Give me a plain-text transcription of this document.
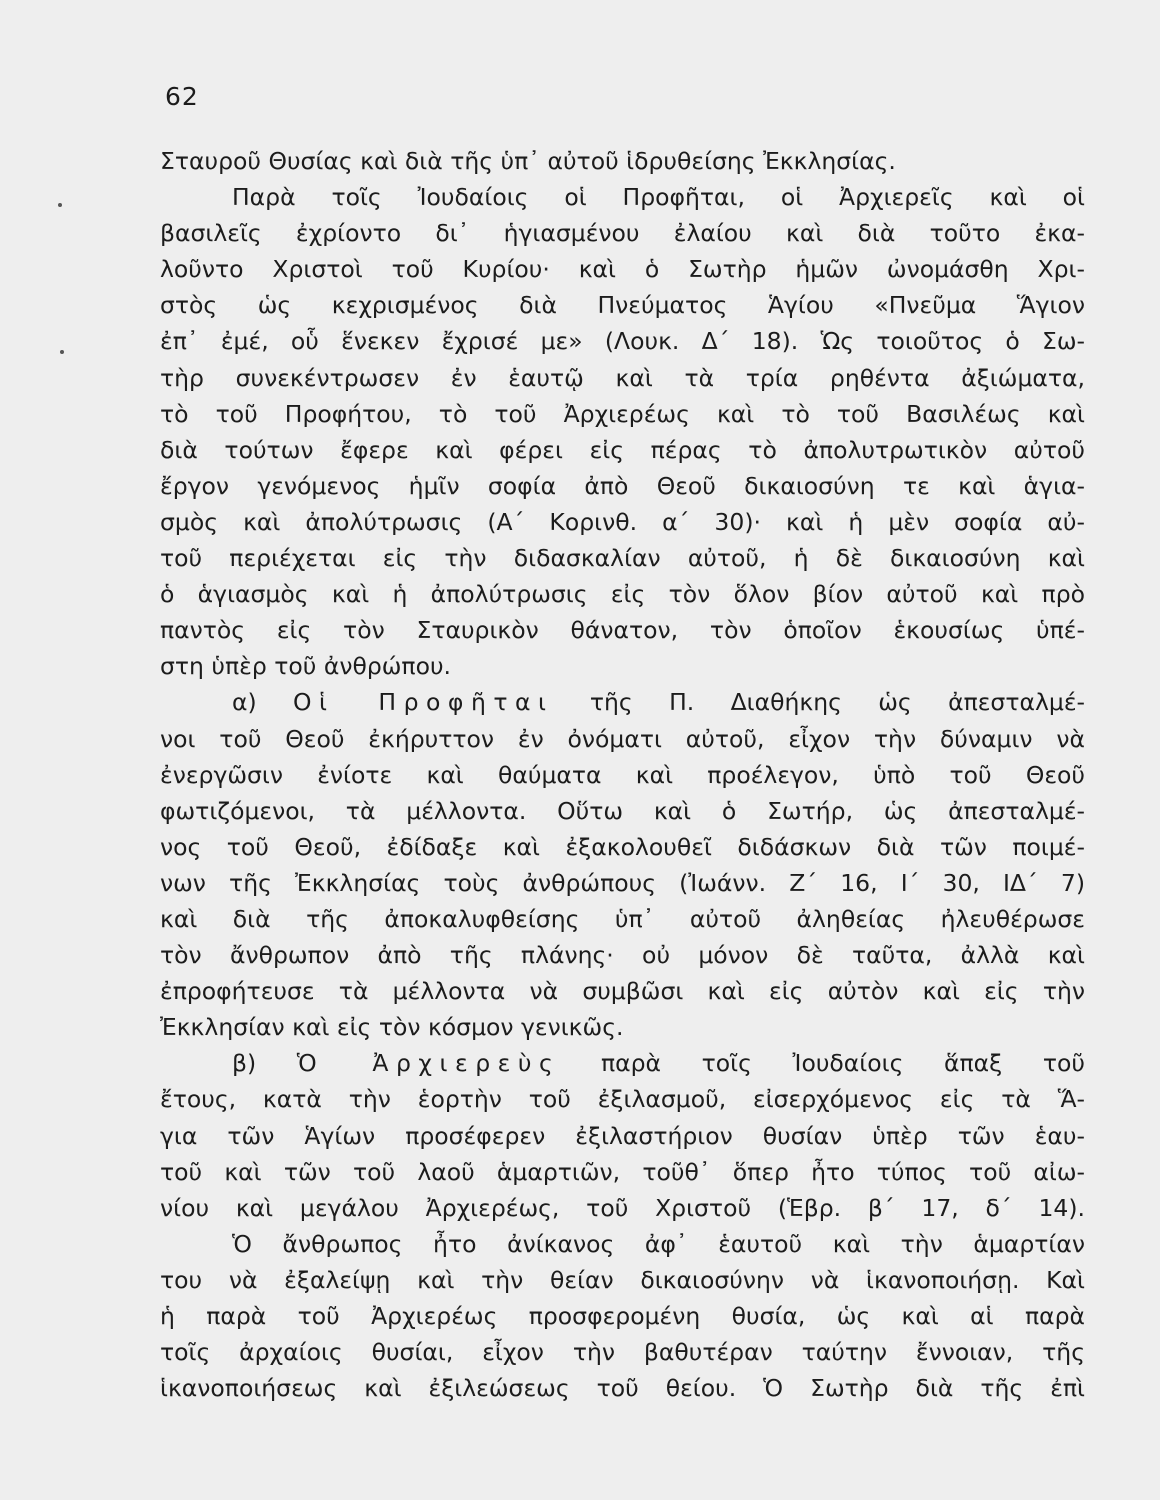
62
Σταυροῦ Θυσίας καὶ διὰ τῆς ὑπ᾽ αὐτοῦ ἱδρυθείσης Ἐκκλησίας.
Παρὰ τοῖς Ἰουδαίοις οἱ Προφῆται, οἱ Ἀρχιερεῖς καὶ οἱ
βασιλεῖς ἐχρίοντο δι᾽ ἡγιασμένου ἐλαίου καὶ διὰ τοῦτο ἐκα-
λοῦντο Χριστοὶ τοῦ Κυρίου· καὶ ὁ Σωτὴρ ἡμῶν ὠνομάσθη Χρι-
στὸς ὡς κεχρισμένος διὰ Πνεύματος Ἁγίου «Πνεῦμα Ἅγιον
ἐπ᾽ ἐμέ, οὗ ἕνεκεν ἔχρισέ με» (Λουκ. Δ΄ 18). Ὡς τοιοῦτος ὁ Σω-
τὴρ συνεκέντρωσεν ἐν ἑαυτῷ καὶ τὰ τρία ρηθέντα ἀξιώματα,
τὸ τοῦ Προφήτου, τὸ τοῦ Ἀρχιερέως καὶ τὸ τοῦ Βασιλέως καὶ
διὰ τούτων ἔφερε καὶ φέρει εἰς πέρας τὸ ἀπολυτρωτικὸν αὐτοῦ
ἔργον γενόμενος ἡμῖν σοφία ἀπὸ Θεοῦ δικαιοσύνη τε καὶ ἁγια-
σμὸς καὶ ἀπολύτρωσις (Α΄ Κορινθ. α΄ 30)· καὶ ἡ μὲν σοφία αὐ-
τοῦ περιέχεται εἰς τὴν διδασκαλίαν αὐτοῦ, ἡ δὲ δικαιοσύνη καὶ
ὁ ἁγιασμὸς καὶ ἡ ἀπολύτρωσις εἰς τὸν ὅλον βίον αὐτοῦ καὶ πρὸ
παντὸς εἰς τὸν Σταυρικὸν θάνατον, τὸν ὁποῖον ἑκουσίως ὑπέ-
στη ὑπὲρ τοῦ ἀνθρώπου.
α) Οἱ Προφῆται τῆς Π. Διαθήκης ὡς ἀπεσταλμέ-
νοι τοῦ Θεοῦ ἐκήρυττον ἐν ὀνόματι αὐτοῦ, εἶχον τὴν δύναμιν νὰ
ἐνεργῶσιν ἐνίοτε καὶ θαύματα καὶ προέλεγον, ὑπὸ τοῦ Θεοῦ
φωτιζόμενοι, τὰ μέλλοντα. Οὕτω καὶ ὁ Σωτήρ, ὡς ἀπεσταλμέ-
νος τοῦ Θεοῦ, ἐδίδαξε καὶ ἐξακολουθεῖ διδάσκων διὰ τῶν ποιμέ-
νων τῆς Ἐκκλησίας τοὺς ἀνθρώπους (Ἰωάνν. Ζ΄ 16, Ι΄ 30, ΙΔ΄ 7)
καὶ διὰ τῆς ἀποκαλυφθείσης ὑπ᾽ αὐτοῦ ἀληθείας ἠλευθέρωσε
τὸν ἄνθρωπον ἀπὸ τῆς πλάνης· οὐ μόνον δὲ ταῦτα, ἀλλὰ καὶ
ἐπροφήτευσε τὰ μέλλοντα νὰ συμβῶσι καὶ εἰς αὐτὸν καὶ εἰς τὴν
Ἐκκλησίαν καὶ εἰς τὸν κόσμον γενικῶς.
β) Ὁ Ἀρχιερεὺς παρὰ τοῖς Ἰουδαίοις ἅπαξ τοῦ
ἔτους, κατὰ τὴν ἑορτὴν τοῦ ἐξιλασμοῦ, εἰσερχόμενος εἰς τὰ Ἅ-
για τῶν Ἁγίων προσέφερεν ἐξιλαστήριον θυσίαν ὑπὲρ τῶν ἑαυ-
τοῦ καὶ τῶν τοῦ λαοῦ ἁμαρτιῶν, τοῦθ᾽ ὅπερ ἦτο τύπος τοῦ αἰω-
νίου καὶ μεγάλου Ἀρχιερέως, τοῦ Χριστοῦ (Ἑβρ. β΄ 17, δ΄ 14).
Ὁ ἄνθρωπος ἦτο ἀνίκανος ἀφ᾽ ἑαυτοῦ καὶ τὴν ἁμαρτίαν
του νὰ ἐξαλείψῃ καὶ τὴν θείαν δικαιοσύνην νὰ ἱκανοποιήσῃ. Καὶ
ἡ παρὰ τοῦ Ἀρχιερέως προσφερομένη θυσία, ὡς καὶ αἱ παρὰ
τοῖς ἀρχαίοις θυσίαι, εἶχον τὴν βαθυτέραν ταύτην ἔννοιαν, τῆς
ἱκανοποιήσεως καὶ ἐξιλεώσεως τοῦ θείου. Ὁ Σωτὴρ διὰ τῆς ἐπὶ
